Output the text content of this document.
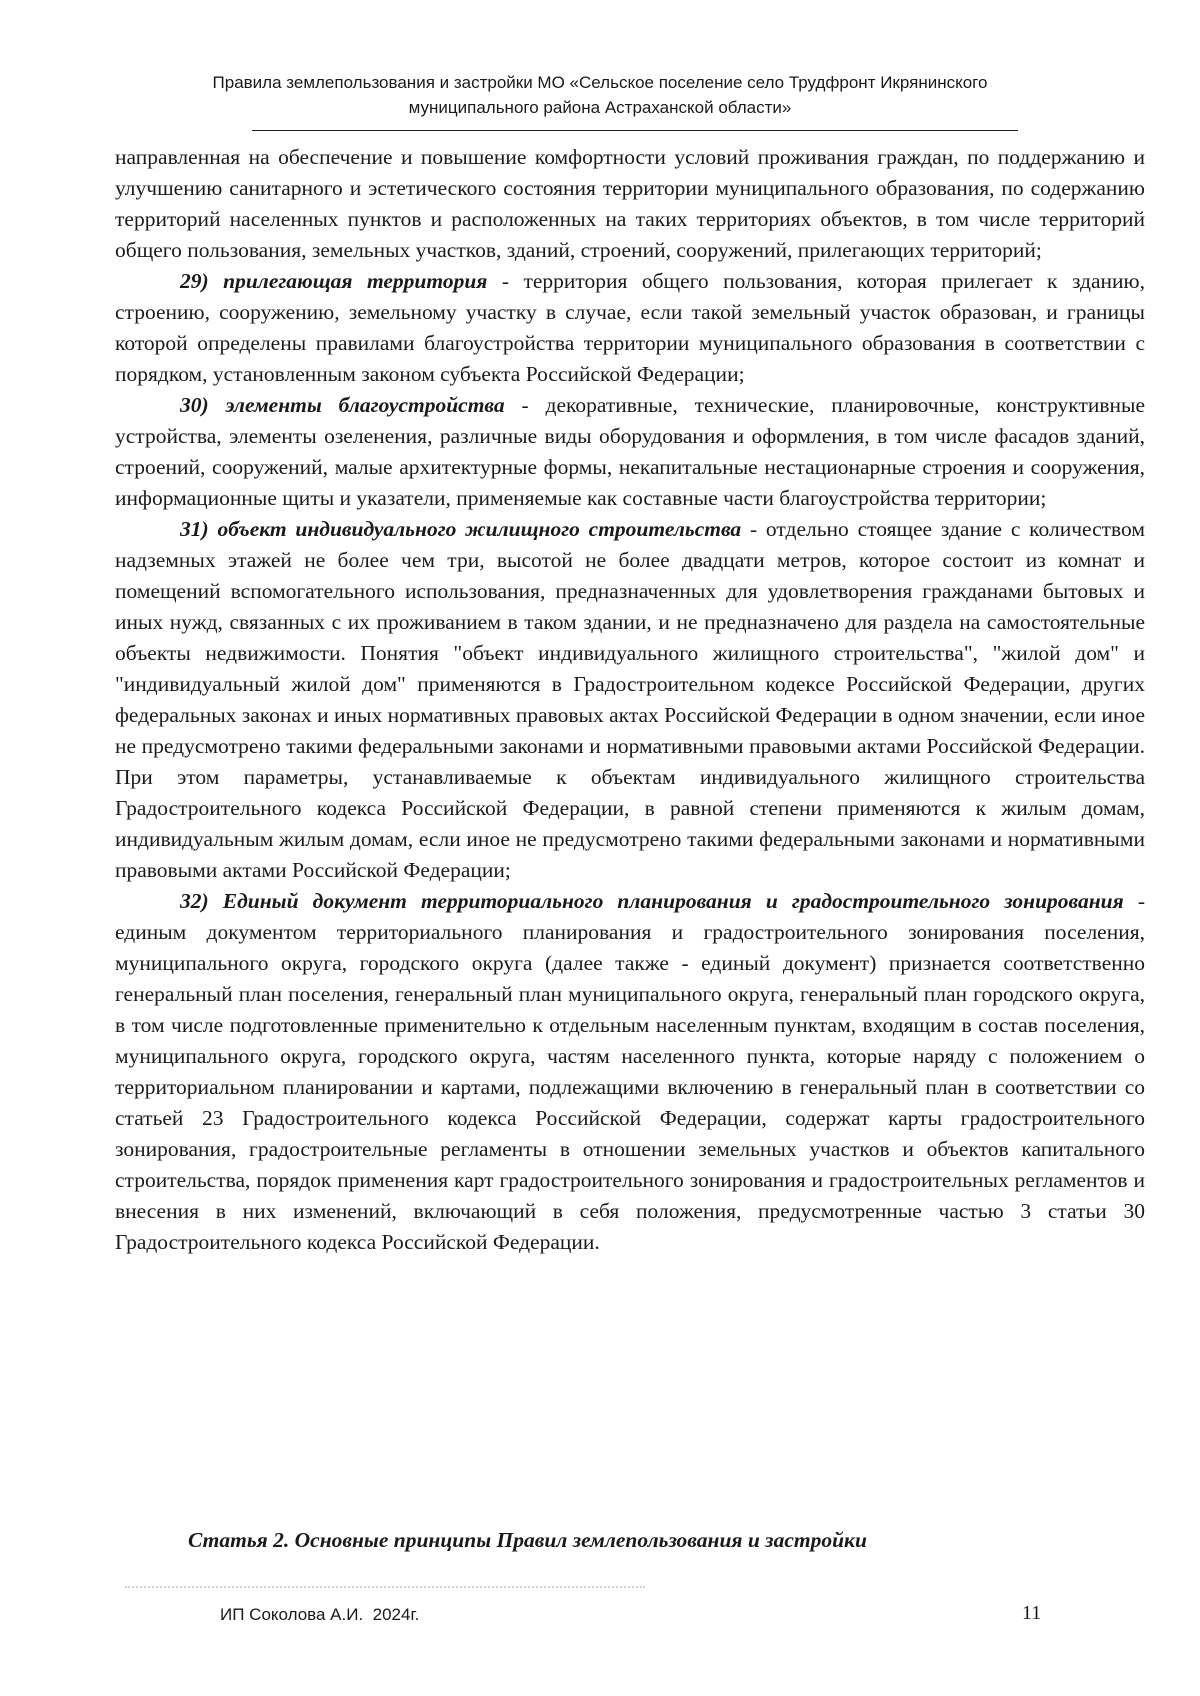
Правила землепользования и застройки МО «Сельское поселение село Трудфронт Икрянинского
муниципального района Астраханской области»

направленная на обеспечение и повышение комфортности условий проживания граждан, по поддержанию и улучшению санитарного и эстетического состояния территории муниципального образования, по содержанию территорий населенных пунктов и расположенных на таких территориях объектов, в том числе территорий общего пользования, земельных участков, зданий, строений, сооружений, прилегающих территорий;

29) прилегающая территория - территория общего пользования, которая прилегает к зданию, строению, сооружению, земельному участку в случае, если такой земельный участок образован, и границы которой определены правилами благоустройства территории муниципального образования в соответствии с порядком, установленным законом субъекта Российской Федерации;

30) элементы благоустройства - декоративные, технические, планировочные, конструктивные устройства, элементы озеленения, различные виды оборудования и оформления, в том числе фасадов зданий, строений, сооружений, малые архитектурные формы, некапитальные нестационарные строения и сооружения, информационные щиты и указатели, применяемые как составные части благоустройства территории;

31) объект индивидуального жилищного строительства - отдельно стоящее здание с количеством надземных этажей не более чем три, высотой не более двадцати метров, которое состоит из комнат и помещений вспомогательного использования, предназначенных для удовлетворения гражданами бытовых и иных нужд, связанных с их проживанием в таком здании, и не предназначено для раздела на самостоятельные объекты недвижимости. Понятия "объект индивидуального жилищного строительства", "жилой дом" и "индивидуальный жилой дом" применяются в Градостроительном кодексе Российской Федерации, других федеральных законах и иных нормативных правовых актах Российской Федерации в одном значении, если иное не предусмотрено такими федеральными законами и нормативными правовыми актами Российской Федерации. При этом параметры, устанавливаемые к объектам индивидуального жилищного строительства Градостроительного кодекса Российской Федерации, в равной степени применяются к жилым домам, индивидуальным жилым домам, если иное не предусмотрено такими федеральными законами и нормативными правовыми актами Российской Федерации;

32) Единый документ территориального планирования и градостроительного зонирования - единым документом территориального планирования и градостроительного зонирования поселения, муниципального округа, городского округа (далее также - единый документ) признается соответственно генеральный план поселения, генеральный план муниципального округа, генеральный план городского округа, в том числе подготовленные применительно к отдельным населенным пунктам, входящим в состав поселения, муниципального округа, городского округа, частям населенного пункта, которые наряду с положением о территориальном планировании и картами, подлежащими включению в генеральный план в соответствии со статьей 23 Градостроительного кодекса Российской Федерации, содержат карты градостроительного зонирования, градостроительные регламенты в отношении земельных участков и объектов капитального строительства, порядок применения карт градостроительного зонирования и градостроительных регламентов и внесения в них изменений, включающий в себя положения, предусмотренные частью 3 статьи 30 Градостроительного кодекса Российской Федерации.

Статья 2. Основные принципы Правил землепользования и застройки
ИП Соколова А.И.  2024г.	11
